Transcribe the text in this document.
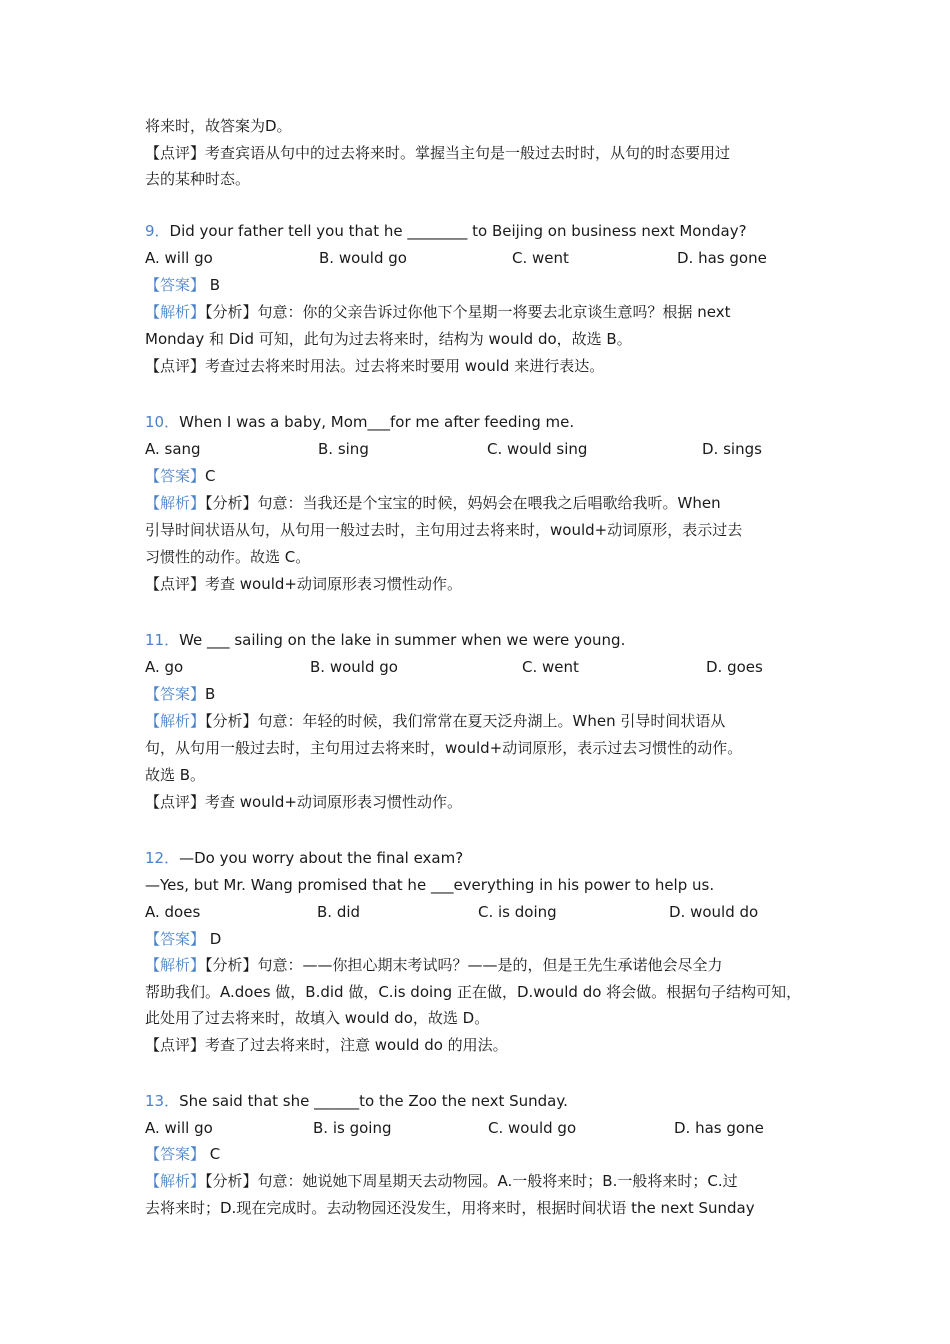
将来时，故答案为D。
【点评】考查宾语从句中的过去将来时。掌握当主句是一般过去时时，从句的时态要用过
去的某种时态。
9．Did your father tell you that he ________ to Beijing on business next Monday?
A. will go	B. would go	C. went	D. has gone
【答案】 B
【解析】【分析】句意：你的父亲告诉过你他下个星期一将要去北京谈生意吗？根据 next
Monday 和 Did 可知，此句为过去将来时，结构为 would do，故选 B。
【点评】考查过去将来时用法。过去将来时要用 would 来进行表达。
10．When I was a baby, Mom___for me after feeding me.
A. sang	B. sing	C. would sing	D. sings
【答案】C
【解析】【分析】句意：当我还是个宝宝的时候，妈妈会在喂我之后唱歌给我听。When
引导时间状语从句，从句用一般过去时，主句用过去将来时，would+动词原形，表示过去
习惯性的动作。故选 C。
【点评】考查 would+动词原形表习惯性动作。
11．We ___ sailing on the lake in summer when we were young.
A. go	B. would go	C. went	D. goes
【答案】B
【解析】【分析】句意：年轻的时候，我们常常在夏天泛舟湖上。When 引导时间状语从
句，从句用一般过去时，主句用过去将来时，would+动词原形，表示过去习惯性的动作。
故选 B。
【点评】考查 would+动词原形表习惯性动作。
12．—Do you worry about the final exam?
—Yes, but Mr. Wang promised that he ___everything in his power to help us.
A. does	B. did	C. is doing	D. would do
【答案】 D
【解析】【分析】句意：——你担心期末考试吗？——是的，但是王先生承诺他会尽全力
帮助我们。A.does 做，B.did 做，C.is doing 正在做，D.would do 将会做。根据句子结构可知，
此处用了过去将来时，故填入 would do，故选 D。
【点评】考查了过去将来时，注意 would do 的用法。
13．She said that she ______to the Zoo the next Sunday.
A. will go	B. is going	C. would go	D. has gone
【答案】 C
【解析】【分析】句意：她说她下周星期天去动物园。A.一般将来时；B.一般将来时；C.过
去将来时；D.现在完成时。去动物园还没发生，用将来时，根据时间状语 the next Sunday
